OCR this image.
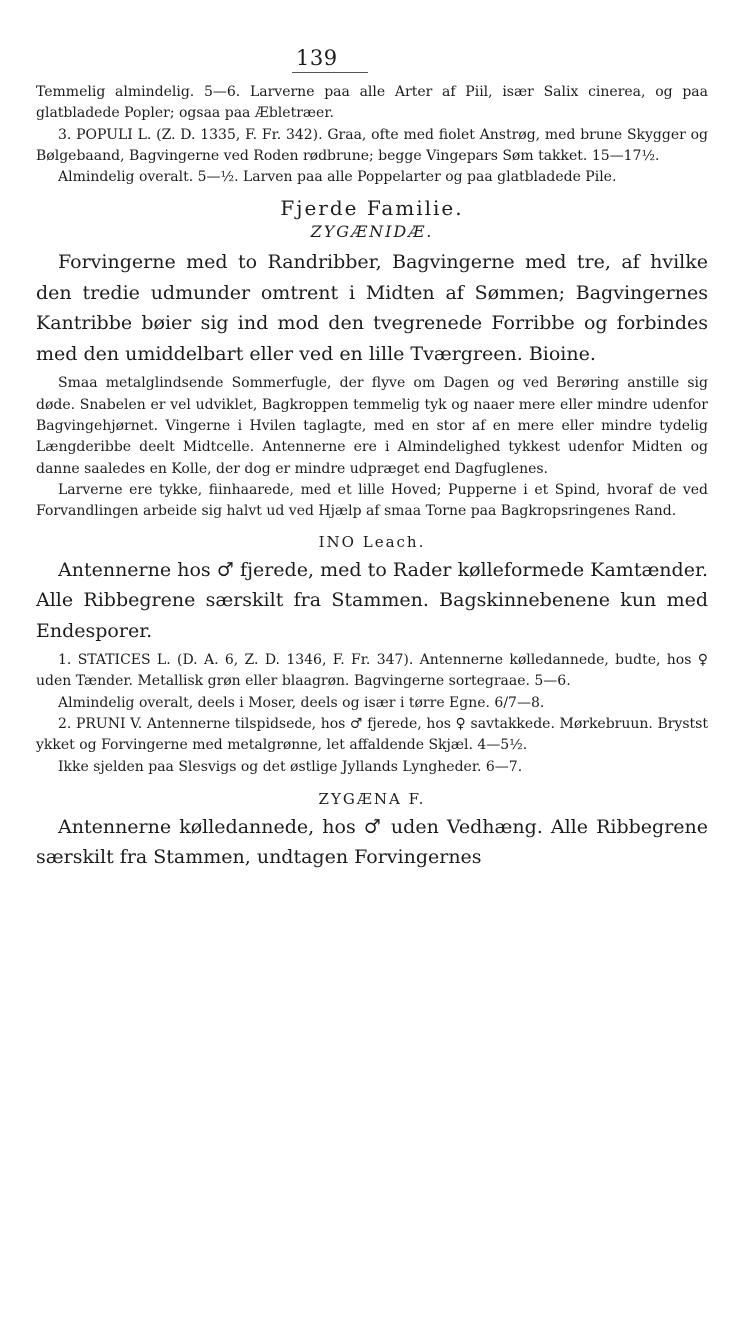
139

Temmelig almindelig. 5—6. Larverne paa alle Arter af Piil, især Salix cinerea, og paa glatbladede Popler; ogsaa paa Æbletræer.

3. POPULI L. (Z. D. 1335, F. Fr. 342). Graa, ofte med fiolet Anstrøg, med brune Skygger og Bølgebaand, Bagvingerne ved Roden rødbrune; begge Vingepars Søm takket. 15—17½.

Almindelig overalt. 5—½. Larven paa alle Poppelarter og paa glatbladede Pile.

Fjerde Familie.

ZYGÆNIDÆ.

Forvingerne med to Randribber, Bagvingerne med tre, af hvilke den tredie udmunder omtrent i Midten af Sømmen; Bagvingernes Kantribbe bøier sig ind mod den tvegrenede Forribbe og forbindes med den umiddelbart eller ved en lille Tværgreen. Bioine.

Smaa metalglindsende Sommerfugle, der flyve om Dagen og ved Berøring anstille sig døde. Snabelen er vel udviklet, Bagkroppen temmelig tyk og naaer mere eller mindre udenfor Bagvingehjørnet. Vingerne i Hvilen taglagte, med en stor af en mere eller mindre tydelig Længderibbe deelt Midtcelle. Antennerne ere i Almindelighed tykkest udenfor Midten og danne saaledes en Kolle, der dog er mindre udpræget end Dagfuglenes.

Larverne ere tykke, fiinhaarede, med et lille Hoved; Pupperne i et Spind, hvoraf de ved Forvandlingen arbeide sig halvt ud ved Hjælp af smaa Torne paa Bagkropsringenes Rand.

INO Leach.

Antennerne hos ♂ fjerede, med to Rader kølleformede Kamtænder. Alle Ribbegrene særskilt fra Stammen. Bagskinnebenene kun med Endesporer.

1. STATICES L. (D. A. 6, Z. D. 1346, F. Fr. 347). Antennerne kølledannede, budte, hos ♀ uden Tænder. Metallisk grøn eller blaagrøn. Bagvingerne sortegraae. 5—6.

Almindelig overalt, deels i Moser, deels og især i tørre Egne. 6/7—8.

2. PRUNI V. Antennerne tilspidsede, hos ♂ fjerede, hos ♀ savtakkede. Mørkebruun. Brystst ykket og Forvingerne med metalgrønne, let affaldende Skjæl. 4—5½.

Ikke sjelden paa Slesvigs og det østlige Jyllands Lyngheder. 6—7.

ZYGÆNA F.

Antennerne kølledannede, hos ♂ uden Vedhæng. Alle Ribbegrene særskilt fra Stammen, undtagen Forvingernes
